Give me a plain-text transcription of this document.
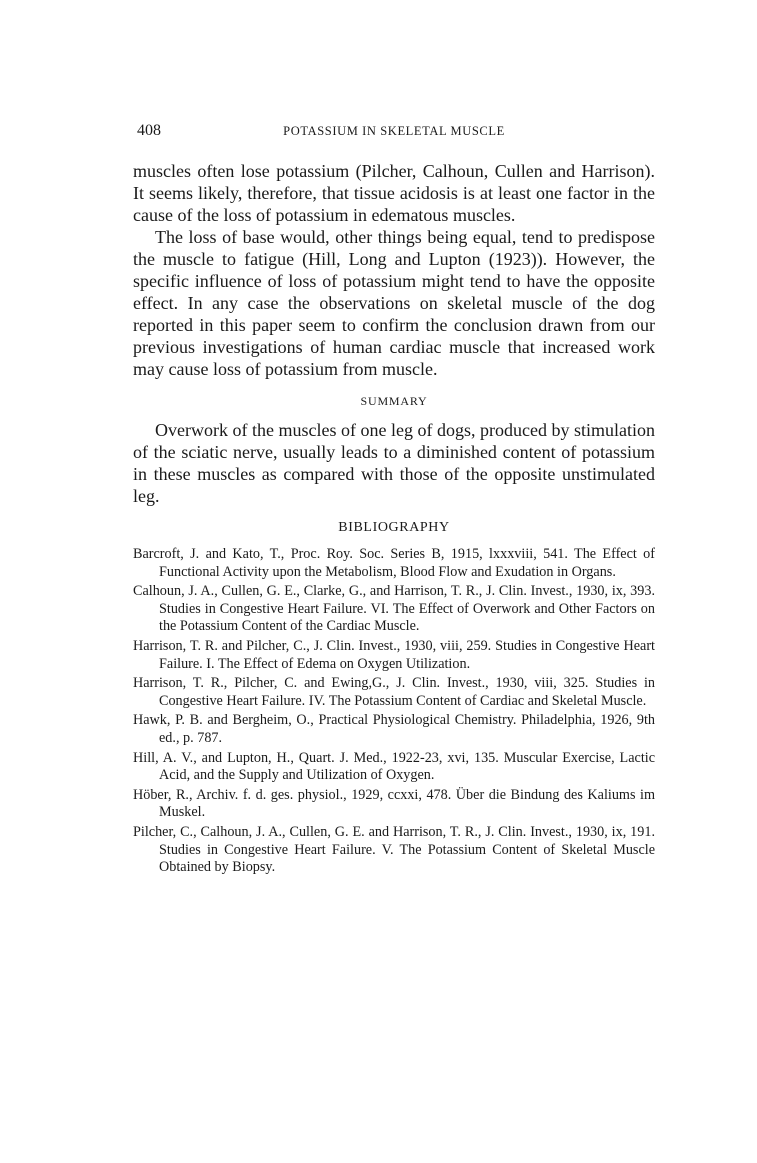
408	POTASSIUM IN SKELETAL MUSCLE

muscles often lose potassium (Pilcher, Calhoun, Cullen and Harrison). It seems likely, therefore, that tissue acidosis is at least one factor in the cause of the loss of potassium in edematous muscles.

The loss of base would, other things being equal, tend to predispose the muscle to fatigue (Hill, Long and Lupton (1923)). However, the specific influence of loss of potassium might tend to have the opposite effect. In any case the observations on skeletal muscle of the dog reported in this paper seem to confirm the conclusion drawn from our previous investigations of human cardiac muscle that increased work may cause loss of potassium from muscle.

SUMMARY

Overwork of the muscles of one leg of dogs, produced by stimulation of the sciatic nerve, usually leads to a diminished content of potassium in these muscles as compared with those of the opposite unstimulated leg.

BIBLIOGRAPHY
Barcroft, J. and Kato, T., Proc. Roy. Soc. Series B, 1915, lxxxviii, 541. The Effect of Functional Activity upon the Metabolism, Blood Flow and Exudation in Organs.
Calhoun, J. A., Cullen, G. E., Clarke, G., and Harrison, T. R., J. Clin. Invest., 1930, ix, 393. Studies in Congestive Heart Failure. VI. The Effect of Overwork and Other Factors on the Potassium Content of the Cardiac Muscle.
Harrison, T. R. and Pilcher, C., J. Clin. Invest., 1930, viii, 259. Studies in Congestive Heart Failure. I. The Effect of Edema on Oxygen Utilization.
Harrison, T. R., Pilcher, C. and Ewing,G., J. Clin. Invest., 1930, viii, 325. Studies in Congestive Heart Failure. IV. The Potassium Content of Cardiac and Skeletal Muscle.
Hawk, P. B. and Bergheim, O., Practical Physiological Chemistry. Philadelphia, 1926, 9th ed., p. 787.
Hill, A. V., and Lupton, H., Quart. J. Med., 1922-23, xvi, 135. Muscular Exercise, Lactic Acid, and the Supply and Utilization of Oxygen.
Höber, R., Archiv. f. d. ges. physiol., 1929, ccxxi, 478. Über die Bindung des Kaliums im Muskel.
Pilcher, C., Calhoun, J. A., Cullen, G. E. and Harrison, T. R., J. Clin. Invest., 1930, ix, 191. Studies in Congestive Heart Failure. V. The Potassium Content of Skeletal Muscle Obtained by Biopsy.
